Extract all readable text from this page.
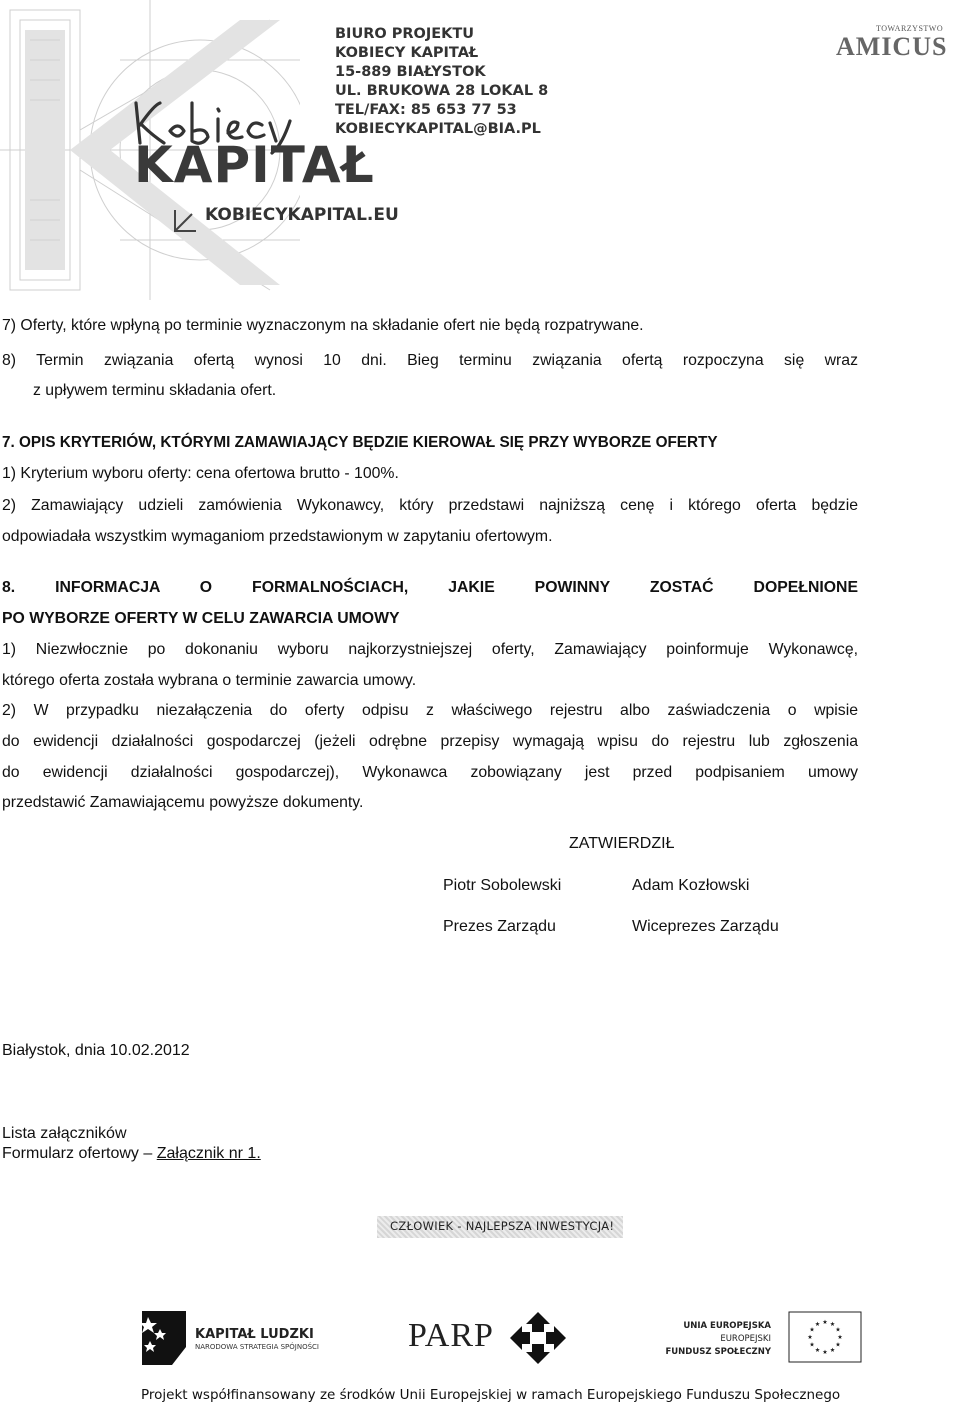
KAPITAŁ
KOBIECYKAPITAL.EU
BIURO PROJEKTU
KOBIECY KAPITAŁ
15-889 BIAŁYSTOK
UL. BRUKOWA 28 LOKAL 8
TEL/FAX: 85 653 77 53
KOBIECYKAPITAL@BIA.PL
TOWARZYSTWO
AMICUS
7) Oferty, które wpłyną po terminie wyznaczonym na składanie ofert nie będą rozpatrywane.
8) Termin związania ofertą wynosi 10 dni. Bieg terminu związania ofertą rozpoczyna się wraz
z upływem terminu składania ofert.
7. OPIS KRYTERIÓW, KTÓRYMI ZAMAWIAJĄCY BĘDZIE KIEROWAŁ SIĘ PRZY WYBORZE OFERTY
1) Kryterium wyboru oferty: cena ofertowa brutto - 100%.
2) Zamawiający udzieli zamówienia Wykonawcy, który przedstawi najniższą cenę i którego oferta będzie
odpowiadała wszystkim wymaganiom przedstawionym w zapytaniu ofertowym.
8. INFORMACJA O FORMALNOŚCIACH, JAKIE POWINNY ZOSTAĆ DOPEŁNIONE
PO WYBORZE OFERTY W CELU ZAWARCIA UMOWY
1) Niezwłocznie po dokonaniu wyboru najkorzystniejszej oferty, Zamawiający poinformuje Wykonawcę,
którego oferta została wybrana o terminie zawarcia umowy.
2) W przypadku niezałączenia do oferty odpisu z właściwego rejestru albo zaświadczenia o wpisie
do ewidencji działalności gospodarczej (jeżeli odrębne przepisy wymagają wpisu do rejestru lub zgłoszenia
do ewidencji działalności gospodarczej), Wykonawca zobowiązany jest przed podpisaniem umowy
przedstawić Zamawiającemu powyższe dokumenty.
ZATWIERDZIŁ
Piotr Sobolewski	Adam Kozłowski
Prezes Zarządu	Wiceprezes Zarządu
Białystok, dnia 10.02.2012
Lista załączników
Formularz ofertowy – Załącznik nr 1.
CZŁOWIEK - NAJLEPSZA INWESTYCJA!
KAPITAŁ LUDZKI
NARODOWA STRATEGIA SPÓJNOŚCI	PARP	UNIA EUROPEJSKA
EUROPEJSKI
FUNDUSZ SPOŁECZNY
Projekt współfinansowany ze środków Unii Europejskiej w ramach Europejskiego Funduszu Społecznego
